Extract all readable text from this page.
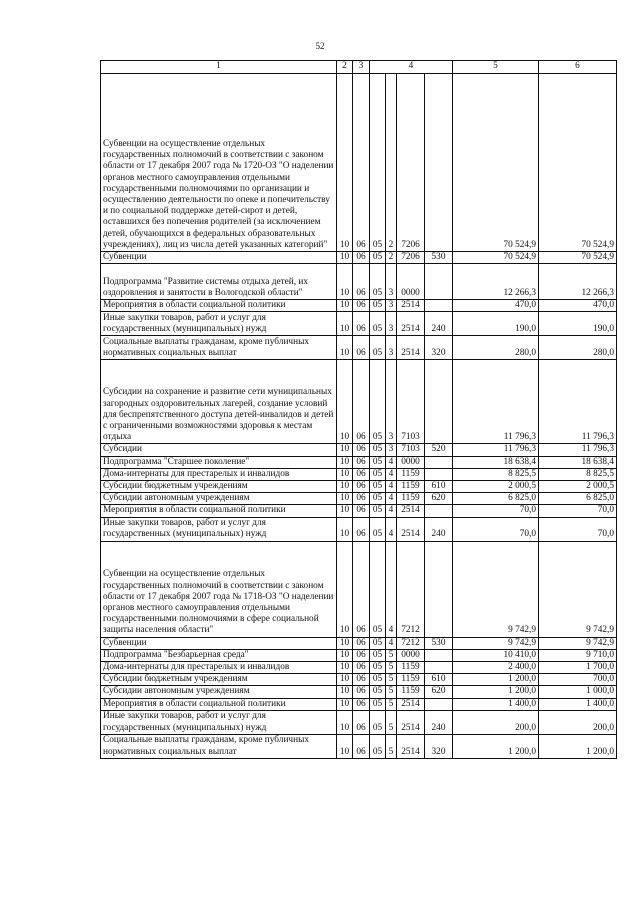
52
1	2	3	4				5	6
Субвенции на осуществление отдельных государственных полномочий в соответствии с законом области от 17 декабря 2007 года № 1720-ОЗ "О наделении органов местного самоуправления отдельными государственными полномочиями по организации и осуществлению деятельности по опеке и попечительству и по социальной поддержке детей-сирот и детей, оставшихся без попечения родителей (за исключением детей, обучающихся в федеральных образовательных учреждениях), лиц из числа детей указанных категорий"	10	06	05	2	7206		70 524,9	70 524,9
Субвенции	10	06	05	2	7206	530	70 524,9	70 524,9
Подпрограмма "Развитие системы отдыха детей, их оздоровления и занятости в Вологодской области"	10	06	05	3	0000		12 266,3	12 266,3
Мероприятия в области социальной политики	10	06	05	3	2514		470,0	470,0
Иные закупки товаров, работ и услуг для государственных (муниципальных) нужд	10	06	05	3	2514	240	190,0	190,0
Социальные выплаты гражданам, кроме публичных нормативных социальных выплат	10	06	05	3	2514	320	280,0	280,0
Субсидии на сохранение и развитие сети муниципальных загородных оздоровительных лагерей, создание условий для беспрепятственного доступа детей-инвалидов и детей с ограниченными возможностями здоровья к местам отдыха	10	06	05	3	7103		11 796,3	11 796,3
Субсидии	10	06	05	3	7103	520	11 796,3	11 796,3
Подпрограмма "Старшее поколение"	10	06	05	4	0000		18 638,4	18 638,4
Дома-интернаты для престарелых и инвалидов	10	06	05	4	1159		8 825,5	8 825,5
Субсидии бюджетным учреждениям	10	06	05	4	1159	610	2 000,5	2 000,5
Субсидии автономным учреждениям	10	06	05	4	1159	620	6 825,0	6 825,0
Мероприятия в области социальной политики	10	06	05	4	2514		70,0	70,0
Иные закупки товаров, работ и услуг для государственных (муниципальных) нужд	10	06	05	4	2514	240	70,0	70,0
Субвенции на осуществление отдельных государственных полномочий в соответствии с законом области от 17 декабря 2007 года № 1718-ОЗ "О наделении органов местного самоуправления отдельными государственными полномочиями в сфере социальной защиты населения области"	10	06	05	4	7212		9 742,9	9 742,9
Субвенции	10	06	05	4	7212	530	9 742,9	9 742,9
Подпрограмма "Безбарьерная среда"	10	06	05	5	0000		10 410,0	9 710,0
Дома-интернаты для престарелых и инвалидов	10	06	05	5	1159		2 400,0	1 700,0
Субсидии бюджетным учреждениям	10	06	05	5	1159	610	1 200,0	700,0
Субсидии автономным учреждениям	10	06	05	5	1159	620	1 200,0	1 000,0
Мероприятия в области социальной политики	10	06	05	5	2514		1 400,0	1 400,0
Иные закупки товаров, работ и услуг для государственных (муниципальных) нужд	10	06	05	5	2514	240	200,0	200,0
Социальные выплаты гражданам, кроме публичных нормативных социальных выплат	10	06	05	5	2514	320	1 200,0	1 200,0
